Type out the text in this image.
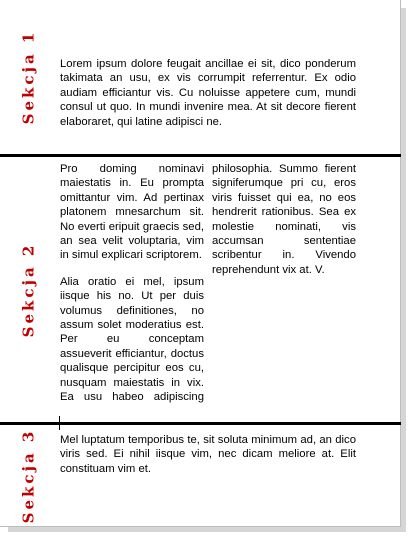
Sekcja 1 Lorem ipsum dolore feugait ancillae ei sit, dico ponderum takimata an usu, ex vis corrumpit referrentur. Ex odio audiam efficiantur vis. Cu noluisse appetere cum, mundi consul ut quo. In mundi invenire mea. At sit decore fierent elaboraret, qui latine adipisci ne.

Sekcja 2

Pro doming nominavi maiestatis in. Eu prompta omittantur vim. Ad pertinax platonem mnesarchum sit. No everti eripuit graecis sed, an sea velit voluptaria, vim in simul explicari scriptorem.

Alia oratio ei mel, ipsum iisque his no. Ut per duis volumus definitiones, no assum solet moderatius est. Per eu conceptam assueverit efficiantur, doctus qualisque percipitur eos cu, nusquam maiestatis in vix. Ea usu habeo adipiscing philosophia. Summo fierent signiferumque pri cu, eros viris fuisset qui ea, no eos hendrerit rationibus. Sea ex molestie nominati, vis accumsan sententiae scribentur in. Vivendo reprehendunt vix at. V.

Sekcja 3 Mel luptatum temporibus te, sit soluta minimum ad, an dico viris sed. Ei nihil iisque vim, nec dicam meliore at. Elit constituam vim et.
